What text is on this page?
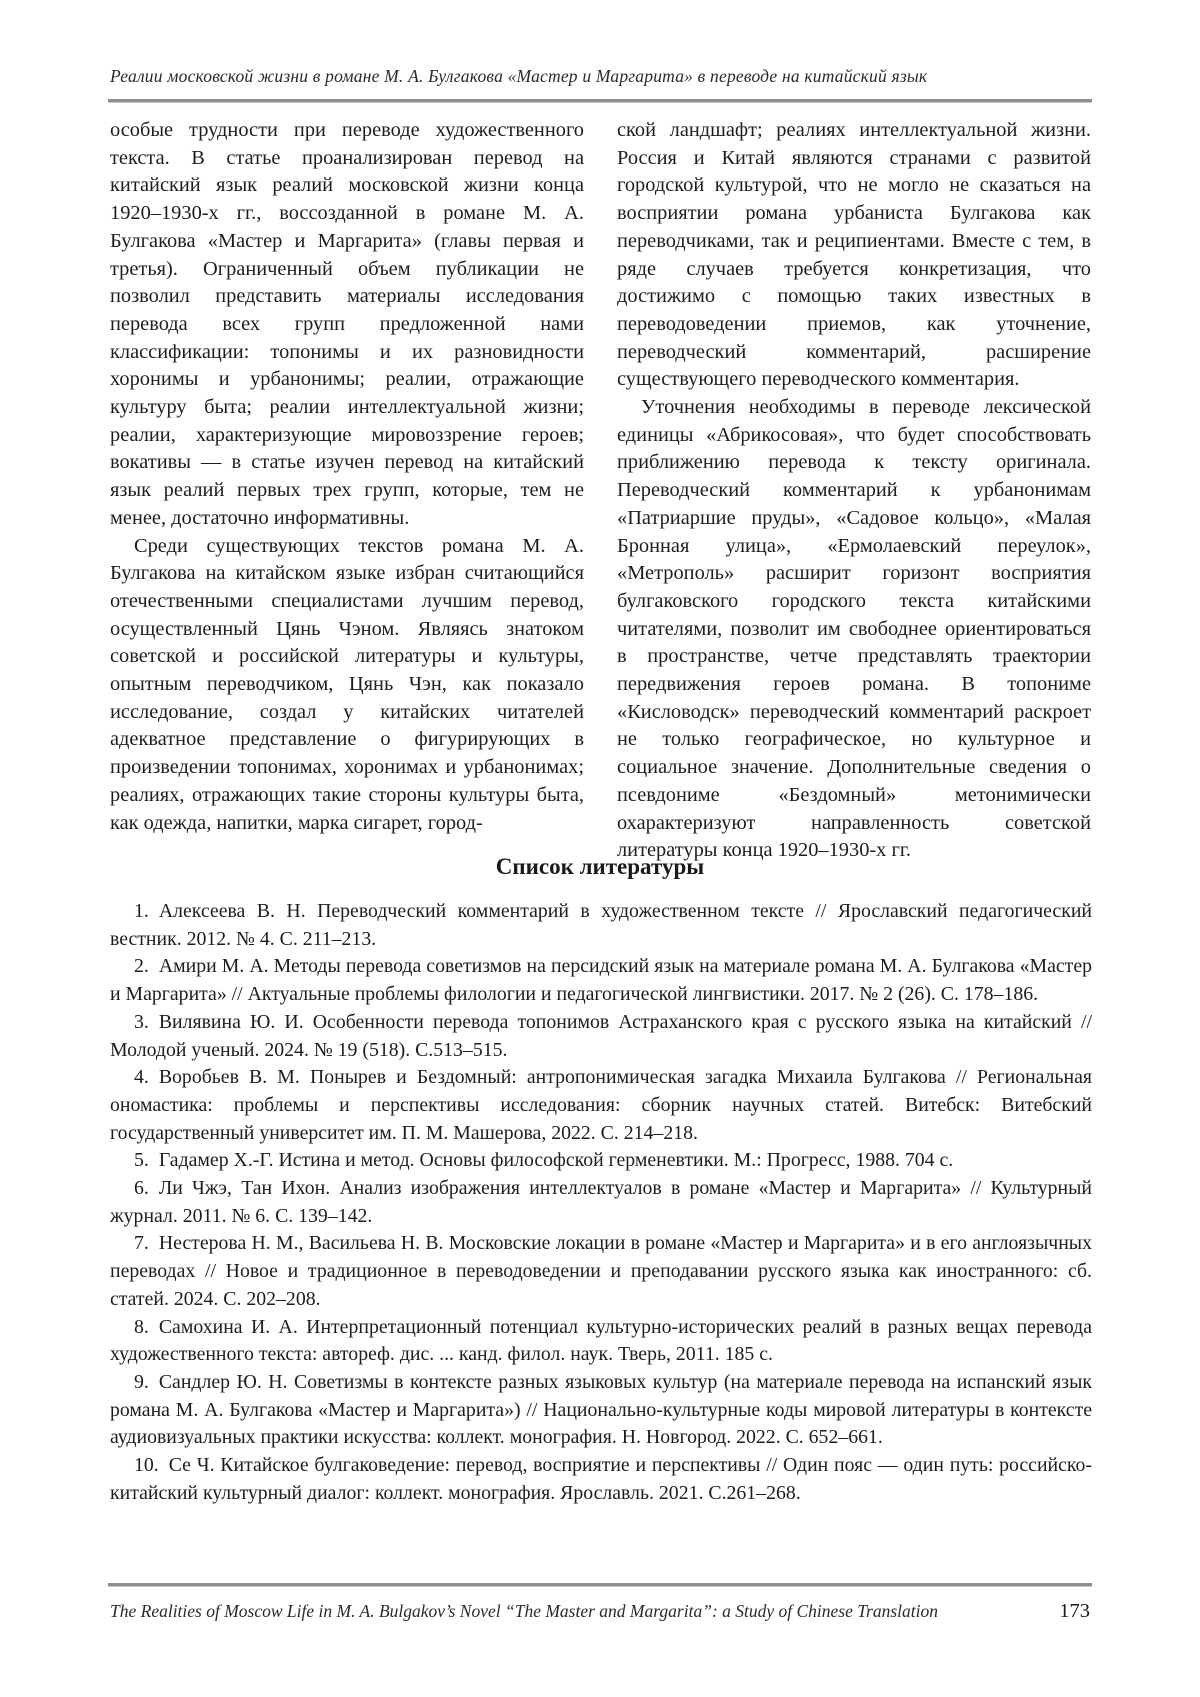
Реалии московской жизни в романе М. А. Булгакова «Мастер и Маргарита» в переводе на китайский язык

особые трудности при переводе художественного текста. В статье проанализирован перевод на китайский язык реалий московской жизни конца 1920–1930-х гг., воссозданной в романе М. А. Булгакова «Мастер и Маргарита» (главы первая и третья). Ограниченный объем публикации не позволил представить материалы исследования перевода всех групп предложенной нами классификации: топонимы и их разновидности хоронимы и урбанонимы; реалии, отражающие культуру быта; реалии интеллектуальной жизни; реалии, характеризующие мировоззрение героев; вокативы — в статье изучен перевод на китайский язык реалий первых трех групп, которые, тем не менее, достаточно информативны.

Среди существующих текстов романа М. А. Булгакова на китайском языке избран считающийся отечественными специалистами лучшим перевод, осуществленный Цянь Чэном. Являясь знатоком советской и российской литературы и культуры, опытным переводчиком, Цянь Чэн, как показало исследование, создал у китайских читателей адекватное представление о фигурирующих в произведении топонимах, хоронимах и урбанонимах; реалиях, отражающих такие стороны культуры быта, как одежда, напитки, марка сигарет, город-

ской ландшафт; реалиях интеллектуальной жизни. Россия и Китай являются странами с развитой городской культурой, что не могло не сказаться на восприятии романа урбаниста Булгакова как переводчиками, так и реципиентами. Вместе с тем, в ряде случаев требуется конкретизация, что достижимо с помощью таких известных в переводоведении приемов, как уточнение, переводческий комментарий, расширение существующего переводческого комментария.

Уточнения необходимы в переводе лексической единицы «Абрикосовая», что будет способствовать приближению перевода к тексту оригинала. Переводческий комментарий к урбанонимам «Патриаршие пруды», «Садовое кольцо», «Малая Бронная улица», «Ермолаевский переулок», «Метрополь» расширит горизонт восприятия булгаковского городского текста китайскими читателями, позволит им свободнее ориентироваться в пространстве, четче представлять траектории передвижения героев романа. В топониме «Кисловодск» переводческий комментарий раскроет не только географическое, но культурное и социальное значение. Дополнительные сведения о псевдониме «Бездомный» метонимически охарактеризуют направленность советской литературы конца 1920–1930-х гг.

Список литературы

1. Алексеева В. Н. Переводческий комментарий в художественном тексте // Ярославский педагогический вестник. 2012. № 4. С. 211–213.

2. Амири М. А. Методы перевода советизмов на персидский язык на материале романа М. А. Булгакова «Мастер и Маргарита» // Актуальные проблемы филологии и педагогической лингвистики. 2017. № 2 (26). С. 178–186.

3. Вилявина Ю. И. Особенности перевода топонимов Астраханского края с русского языка на китайский // Молодой ученый. 2024. № 19 (518). С.513–515.

4. Воробьев В. М. Понырев и Бездомный: антропонимическая загадка Михаила Булгакова // Региональная ономастика: проблемы и перспективы исследования: сборник научных статей. Витебск: Витебский государственный университет им. П. М. Машерова, 2022. С. 214–218.

5. Гадамер Х.-Г. Истина и метод. Основы философской герменевтики. М.: Прогресс, 1988. 704 с.

6. Ли Чжэ, Тан Ихон. Анализ изображения интеллектуалов в романе «Мастер и Маргарита» // Культурный журнал. 2011. № 6. С. 139–142.

7. Нестерова Н. М., Васильева Н. В. Московские локации в романе «Мастер и Маргарита» и в его англоязычных переводах // Новое и традиционное в переводоведении и преподавании русского языка как иностранного: сб. статей. 2024. С. 202–208.

8. Самохина И. А. Интерпретационный потенциал культурно-исторических реалий в разных вещах перевода художественного текста: автореф. дис. ... канд. филол. наук. Тверь, 2011. 185 с.

9. Сандлер Ю. Н. Советизмы в контексте разных языковых культур (на материале перевода на испанский язык романа М. А. Булгакова «Мастер и Маргарита») // Национально-культурные коды мировой литературы в контексте аудиовизуальных практики искусства: коллект. монография. Н. Новгород. 2022. С. 652–661.

10. Се Ч. Китайское булгаковедение: перевод, восприятие и перспективы // Один пояс — один путь: российско-китайский культурный диалог: коллект. монография. Ярославль. 2021. С.261–268.

The Realities of Moscow Life in M. A. Bulgakov’s Novel “The Master and Margarita”: a Study of Chinese Translation	173
